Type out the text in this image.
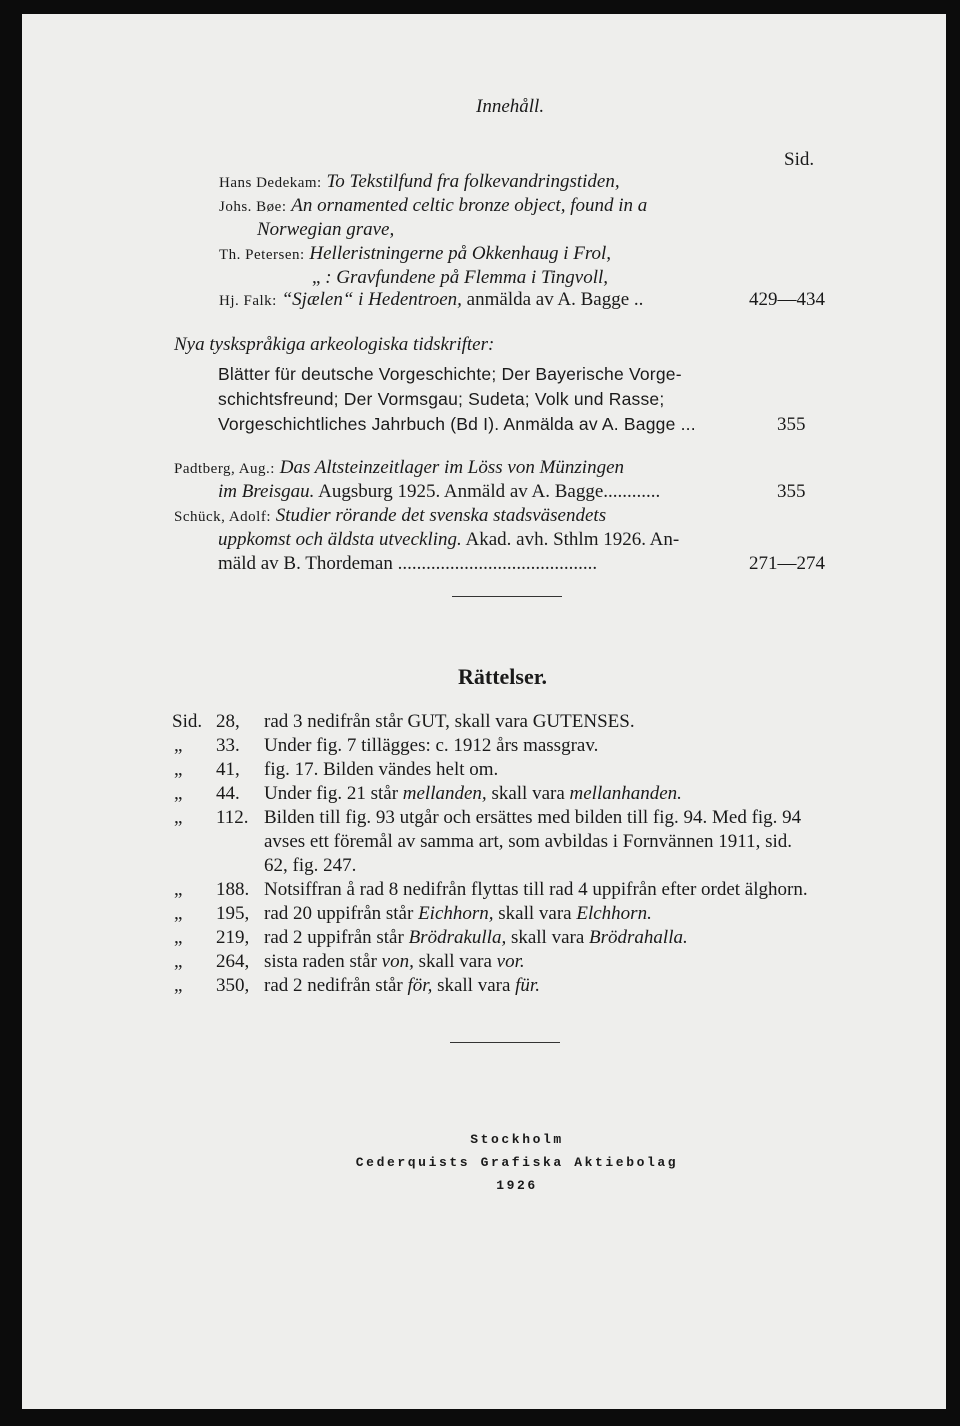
Innehåll.
Sid.
Hans Dedekam: To Tekstilfund fra folkevandringstiden,
Johs. Bøe: An ornamented celtic bronze object, found in a
Norwegian grave,
Th. Petersen: Helleristningerne på Okkenhaug i Frol,
„ : Gravfundene på Flemma i Tingvoll,
Hj. Falk: “Sjælen“ i Hedentroen, anmälda av A. Bagge ..	429—434
Nya tyskspråkiga arkeologiska tidskrifter:
Blätter für deutsche Vorgeschichte; Der Bayerische Vorge-
schichtsfreund; Der Vormsgau; Sudeta; Volk und Rasse;
Vorgeschichtliches Jahrbuch (Bd I). Anmälda av A. Bagge ...	355
Padtberg, Aug.: Das Altsteinzeitlager im Löss von Münzingen
im Breisgau. Augsburg 1925. Anmäld av A. Bagge............	355
Schück, Adolf: Studier rörande det svenska stadsväsendets
uppkomst och äldsta utveckling. Akad. avh. Sthlm 1926. An-
mäld av B. Thordeman ..........................................	271—274
Rättelser.
Sid. 28, rad 3 nedifrån står GUT, skall vara GUTENSES.
„ 33. Under fig. 7 tillägges: c. 1912 års massgrav.
„ 41, fig. 17. Bilden vändes helt om.
„ 44. Under fig. 21 står mellanden, skall vara mellanhanden.
„ 112. Bilden till fig. 93 utgår och ersättes med bilden till fig. 94. Med fig. 94
avses ett föremål av samma art, som avbildas i Fornvännen 1911, sid.
62, fig. 247.
„ 188. Notsiffran å rad 8 nedifrån flyttas till rad 4 uppifrån efter ordet älghorn.
„ 195, rad 20 uppifrån står Eichhorn, skall vara Elchhorn.
„ 219, rad 2 uppifrån står Brödrakulla, skall vara Brödrahalla.
„ 264, sista raden står von, skall vara vor.
„ 350, rad 2 nedifrån står för, skall vara für.
Stockholm
Cederquists Grafiska Aktiebolag
1926
